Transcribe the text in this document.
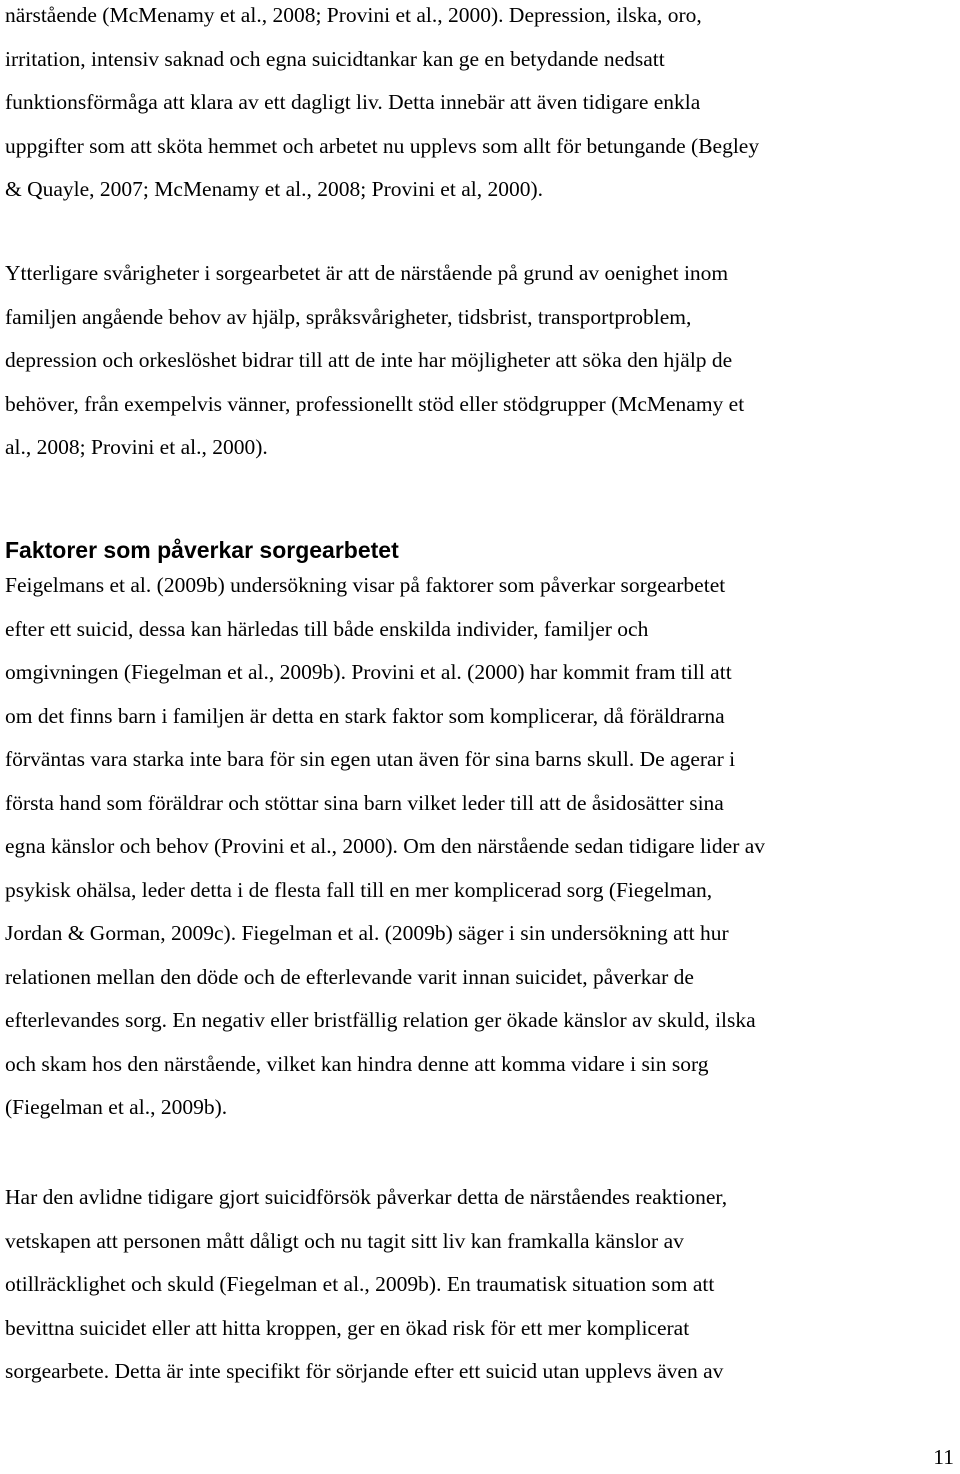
närstående (McMenamy et al., 2008; Provini et al., 2000). Depression, ilska, oro,
irritation, intensiv saknad och egna suicidtankar kan ge en betydande nedsatt
funktionsförmåga att klara av ett dagligt liv. Detta innebär att även tidigare enkla
uppgifter som att sköta hemmet och arbetet nu upplevs som allt för betungande (Begley
& Quayle, 2007; McMenamy et al., 2008; Provini et al, 2000).

Ytterligare svårigheter i sorgearbetet är att de närstående på grund av oenighet inom
familjen angående behov av hjälp, språksvårigheter, tidsbrist, transportproblem,
depression och orkeslöshet bidrar till att de inte har möjligheter att söka den hjälp de
behöver, från exempelvis vänner, professionellt stöd eller stödgrupper (McMenamy et
al., 2008; Provini et al., 2000).

Faktorer som påverkar sorgearbetet

Feigelmans et al. (2009b) undersökning visar på faktorer som påverkar sorgearbetet
efter ett suicid, dessa kan härledas till både enskilda individer, familjer och
omgivningen (Fiegelman et al., 2009b). Provini et al. (2000) har kommit fram till att
om det finns barn i familjen är detta en stark faktor som komplicerar, då föräldrarna
förväntas vara starka inte bara för sin egen utan även för sina barns skull. De agerar i
första hand som föräldrar och stöttar sina barn vilket leder till att de åsidosätter sina
egna känslor och behov (Provini et al., 2000). Om den närstående sedan tidigare lider av
psykisk ohälsa, leder detta i de flesta fall till en mer komplicerad sorg (Fiegelman,
Jordan & Gorman, 2009c). Fiegelman et al. (2009b) säger i sin undersökning att hur
relationen mellan den döde och de efterlevande varit innan suicidet, påverkar de
efterlevandes sorg. En negativ eller bristfällig relation ger ökade känslor av skuld, ilska
och skam hos den närstående, vilket kan hindra denne att komma vidare i sin sorg
(Fiegelman et al., 2009b).

Har den avlidne tidigare gjort suicidförsök påverkar detta de närståendes reaktioner,
vetskapen att personen mått dåligt och nu tagit sitt liv kan framkalla känslor av
otillräcklighet och skuld (Fiegelman et al., 2009b). En traumatisk situation som att
bevittna suicidet eller att hitta kroppen, ger en ökad risk för ett mer komplicerat
sorgearbete. Detta är inte specifikt för sörjande efter ett suicid utan upplevs även av

11
